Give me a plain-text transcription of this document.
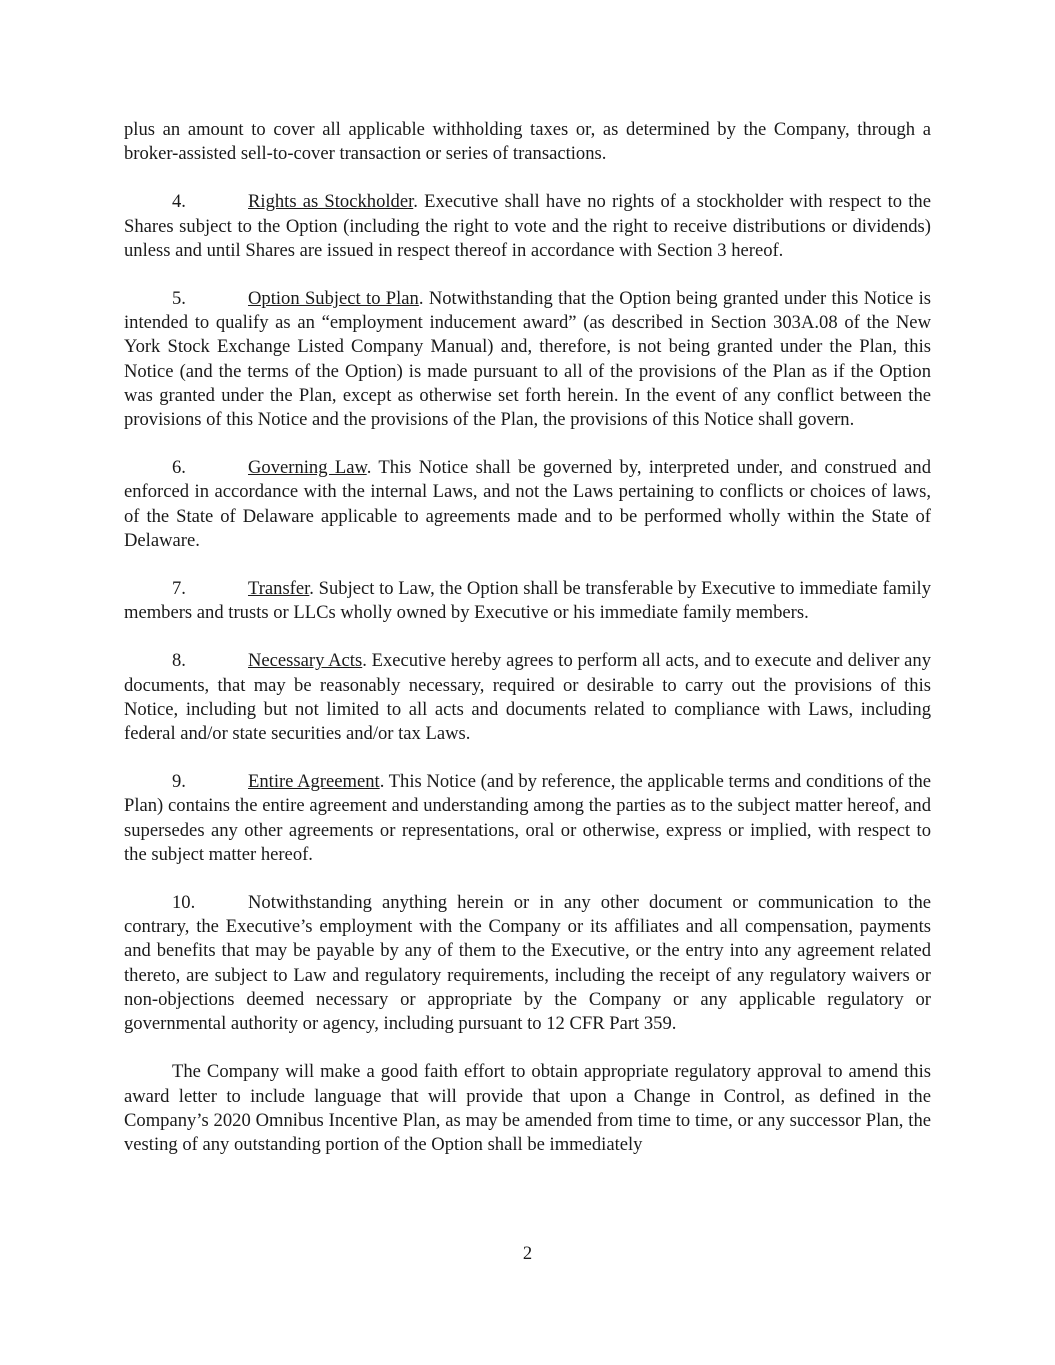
plus an amount to cover all applicable withholding taxes or, as determined by the Company, through a broker-assisted sell-to-cover transaction or series of transactions.

4.	Rights as Stockholder. Executive shall have no rights of a stockholder with respect to the Shares subject to the Option (including the right to vote and the right to receive distributions or dividends) unless and until Shares are issued in respect thereof in accordance with Section 3 hereof.

5.	Option Subject to Plan. Notwithstanding that the Option being granted under this Notice is intended to qualify as an “employment inducement award” (as described in Section 303A.08 of the New York Stock Exchange Listed Company Manual) and, therefore, is not being granted under the Plan, this Notice (and the terms of the Option) is made pursuant to all of the provisions of the Plan as if the Option was granted under the Plan, except as otherwise set forth herein. In the event of any conflict between the provisions of this Notice and the provisions of the Plan, the provisions of this Notice shall govern.

6.	Governing Law. This Notice shall be governed by, interpreted under, and construed and enforced in accordance with the internal Laws, and not the Laws pertaining to conflicts or choices of laws, of the State of Delaware applicable to agreements made and to be performed wholly within the State of Delaware.

7.	Transfer. Subject to Law, the Option shall be transferable by Executive to immediate family members and trusts or LLCs wholly owned by Executive or his immediate family members.

8.	Necessary Acts. Executive hereby agrees to perform all acts, and to execute and deliver any documents, that may be reasonably necessary, required or desirable to carry out the provisions of this Notice, including but not limited to all acts and documents related to compliance with Laws, including federal and/or state securities and/or tax Laws.

9.	Entire Agreement. This Notice (and by reference, the applicable terms and conditions of the Plan) contains the entire agreement and understanding among the parties as to the subject matter hereof, and supersedes any other agreements or representations, oral or otherwise, express or implied, with respect to the subject matter hereof.

10.	Notwithstanding anything herein or in any other document or communication to the contrary, the Executive’s employment with the Company or its affiliates and all compensation, payments and benefits that may be payable by any of them to the Executive, or the entry into any agreement related thereto, are subject to Law and regulatory requirements, including the receipt of any regulatory waivers or non-objections deemed necessary or appropriate by the Company or any applicable regulatory or governmental authority or agency, including pursuant to 12 CFR Part 359.

The Company will make a good faith effort to obtain appropriate regulatory approval to amend this award letter to include language that will provide that upon a Change in Control, as defined in the Company’s 2020 Omnibus Incentive Plan, as may be amended from time to time, or any successor Plan, the vesting of any outstanding portion of the Option shall be immediately

2
